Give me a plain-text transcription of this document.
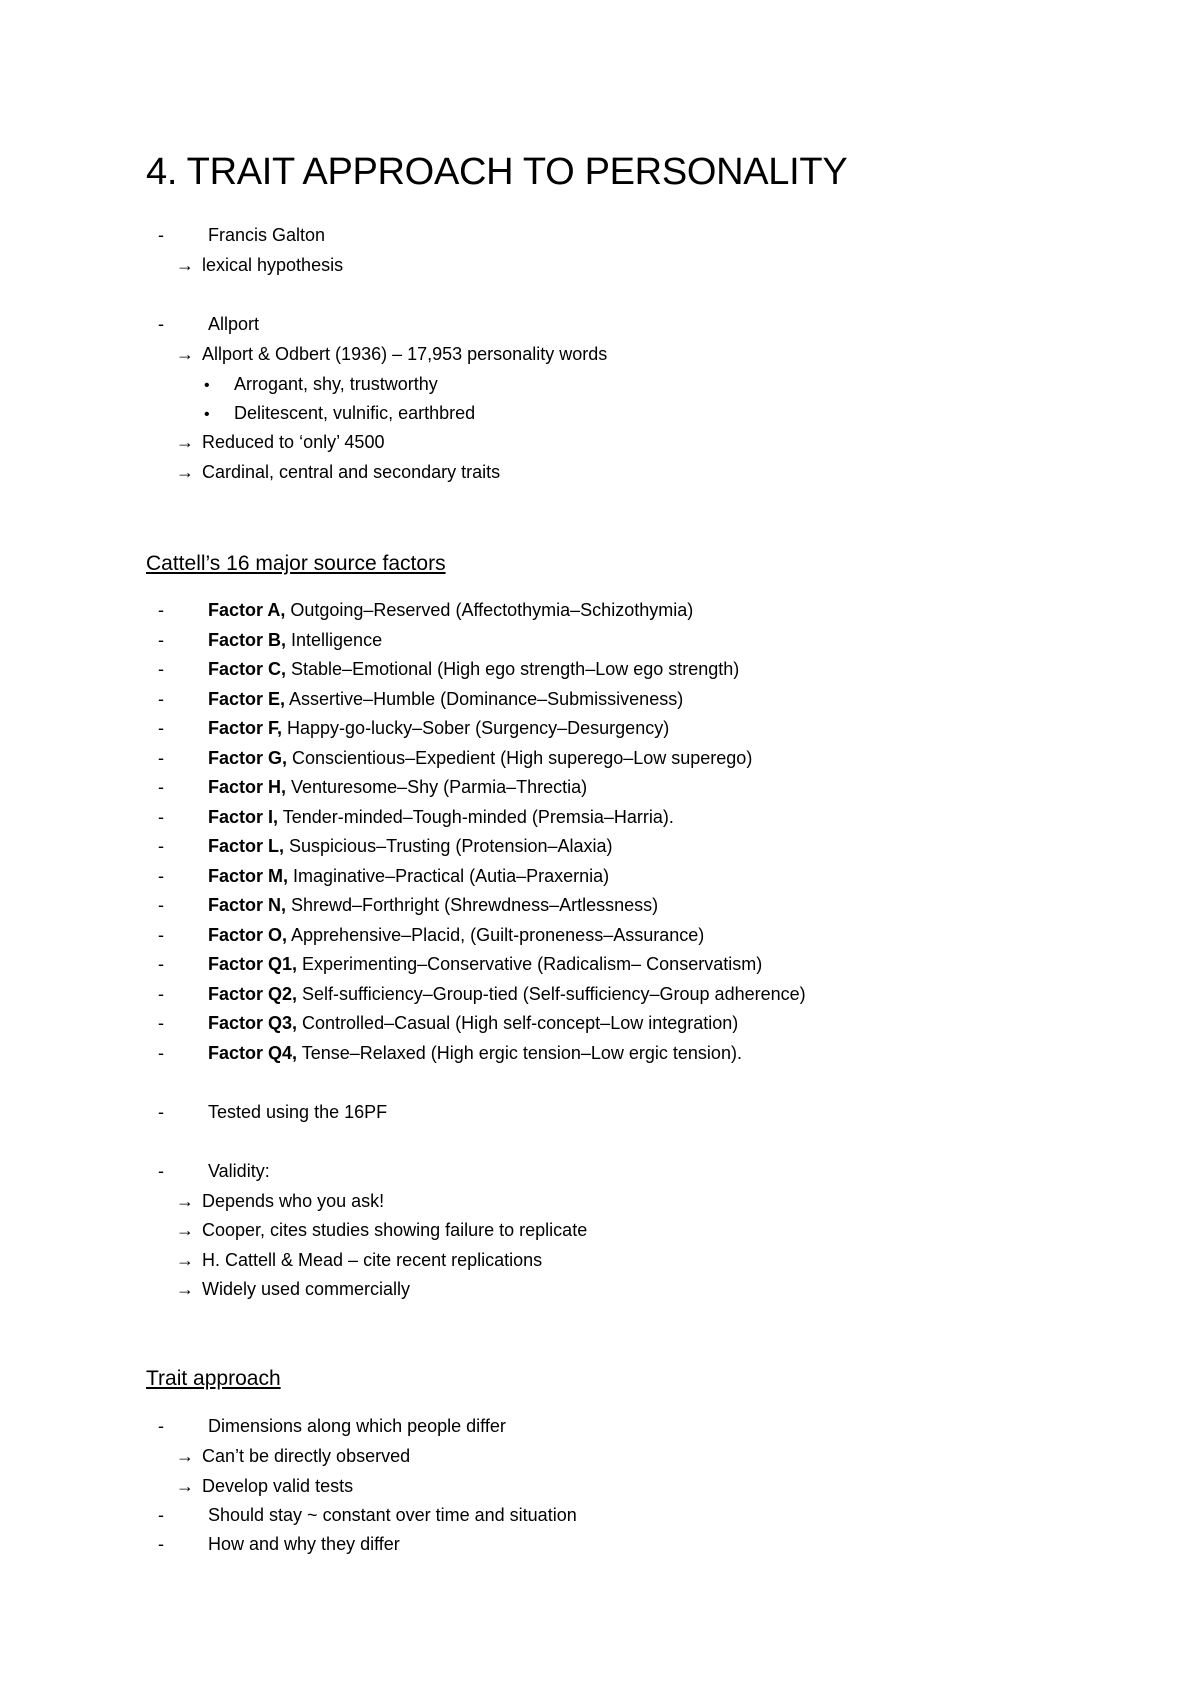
4. TRAIT APPROACH TO PERSONALITY
- Francis Galton
→ lexical hypothesis
- Allport
→ Allport & Odbert (1936) – 17,953 personality words
• Arrogant, shy, trustworthy
• Delitescent, vulnific, earthbred
→ Reduced to ‘only’ 4500
→ Cardinal, central and secondary traits
Cattell’s 16 major source factors
- Factor A, Outgoing–Reserved (Affectothymia–Schizothymia)
- Factor B, Intelligence
- Factor C, Stable–Emotional (High ego strength–Low ego strength)
- Factor E, Assertive–Humble (Dominance–Submissiveness)
- Factor F, Happy-go-lucky–Sober (Surgency–Desurgency)
- Factor G, Conscientious–Expedient (High superego–Low superego)
- Factor H, Venturesome–Shy (Parmia–Threctia)
- Factor I, Tender-minded–Tough-minded (Premsia–Harria).
- Factor L, Suspicious–Trusting (Protension–Alaxia)
- Factor M, Imaginative–Practical (Autia–Praxernia)
- Factor N, Shrewd–Forthright (Shrewdness–Artlessness)
- Factor O, Apprehensive–Placid, (Guilt-proneness–Assurance)
- Factor Q1, Experimenting–Conservative (Radicalism– Conservatism)
- Factor Q2, Self-sufficiency–Group-tied (Self-sufficiency–Group adherence)
- Factor Q3, Controlled–Casual (High self-concept–Low integration)
- Factor Q4, Tense–Relaxed (High ergic tension–Low ergic tension).
- Tested using the 16PF
- Validity:
→ Depends who you ask!
→ Cooper, cites studies showing failure to replicate
→ H. Cattell & Mead – cite recent replications
→ Widely used commercially
Trait approach
- Dimensions along which people differ
→ Can’t be directly observed
→ Develop valid tests
- Should stay ~ constant over time and situation
- How and why they differ
